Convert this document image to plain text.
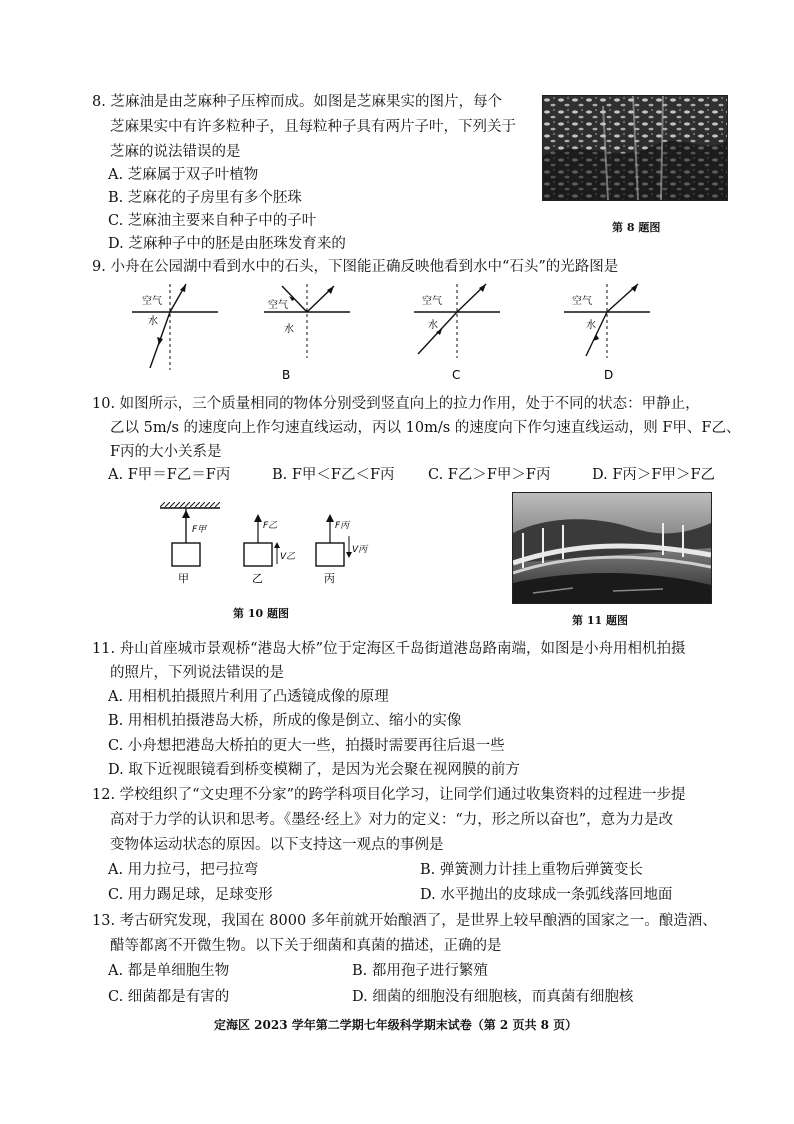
8. 芝麻油是由芝麻种子压榨而成。如图是芝麻果实的图片，每个
芝麻果实中有许多粒种子，且每粒种子具有两片子叶，下列关于
芝麻的说法错误的是
A. 芝麻属于双子叶植物
B. 芝麻花的子房里有多个胚珠
C. 芝麻油主要来自种子中的子叶
D. 芝麻种子中的胚是由胚珠发育来的
第 8 题图
9. 小舟在公园湖中看到水中的石头，下图能正确反映他看到水中“石头”的光路图是
空气
水
空气
水
B
空气
水
C
空气
水
D
10. 如图所示，三个质量相同的物体分别受到竖直向上的拉力作用，处于不同的状态：甲静止，
乙以 5m/s 的速度向上作匀速直线运动，丙以 10m/s 的速度向下作匀速直线运动，则 F甲、F乙、
F丙的大小关系是
A. F甲＝F乙＝F丙	B. F甲＜F乙＜F丙 C. F乙＞F甲＞F丙	D. F丙＞F甲＞F乙
F甲
甲
F乙
V乙
乙
F丙
V丙
丙
第 10 题图
第 11 题图
11. 舟山首座城市景观桥“港岛大桥”位于定海区千岛街道港岛路南端，如图是小舟用相机拍摄
的照片，下列说法错误的是
A. 用相机拍摄照片利用了凸透镜成像的原理
B. 用相机拍摄港岛大桥，所成的像是倒立、缩小的实像
C. 小舟想把港岛大桥拍的更大一些，拍摄时需要再往后退一些
D. 取下近视眼镜看到桥变模糊了，是因为光会聚在视网膜的前方
12. 学校组织了“文史理不分家”的跨学科项目化学习，让同学们通过收集资料的过程进一步提
高对于力学的认识和思考。《墨经·经上》对力的定义：“力，形之所以奋也”，意为力是改
变物体运动状态的原因。以下支持这一观点的事例是
A. 用力拉弓，把弓拉弯	B. 弹簧测力计挂上重物后弹簧变长
C. 用力踢足球，足球变形	D. 水平抛出的皮球成一条弧线落回地面
13. 考古研究发现，我国在 8000 多年前就开始酿酒了，是世界上较早酿酒的国家之一。酿造酒、
醋等都离不开微生物。以下关于细菌和真菌的描述，正确的是
A. 都是单细胞生物	B. 都用孢子进行繁殖
C. 细菌都是有害的	D. 细菌的细胞没有细胞核，而真菌有细胞核
定海区 2023 学年第二学期七年级科学期末试卷（第 2 页共 8 页）
